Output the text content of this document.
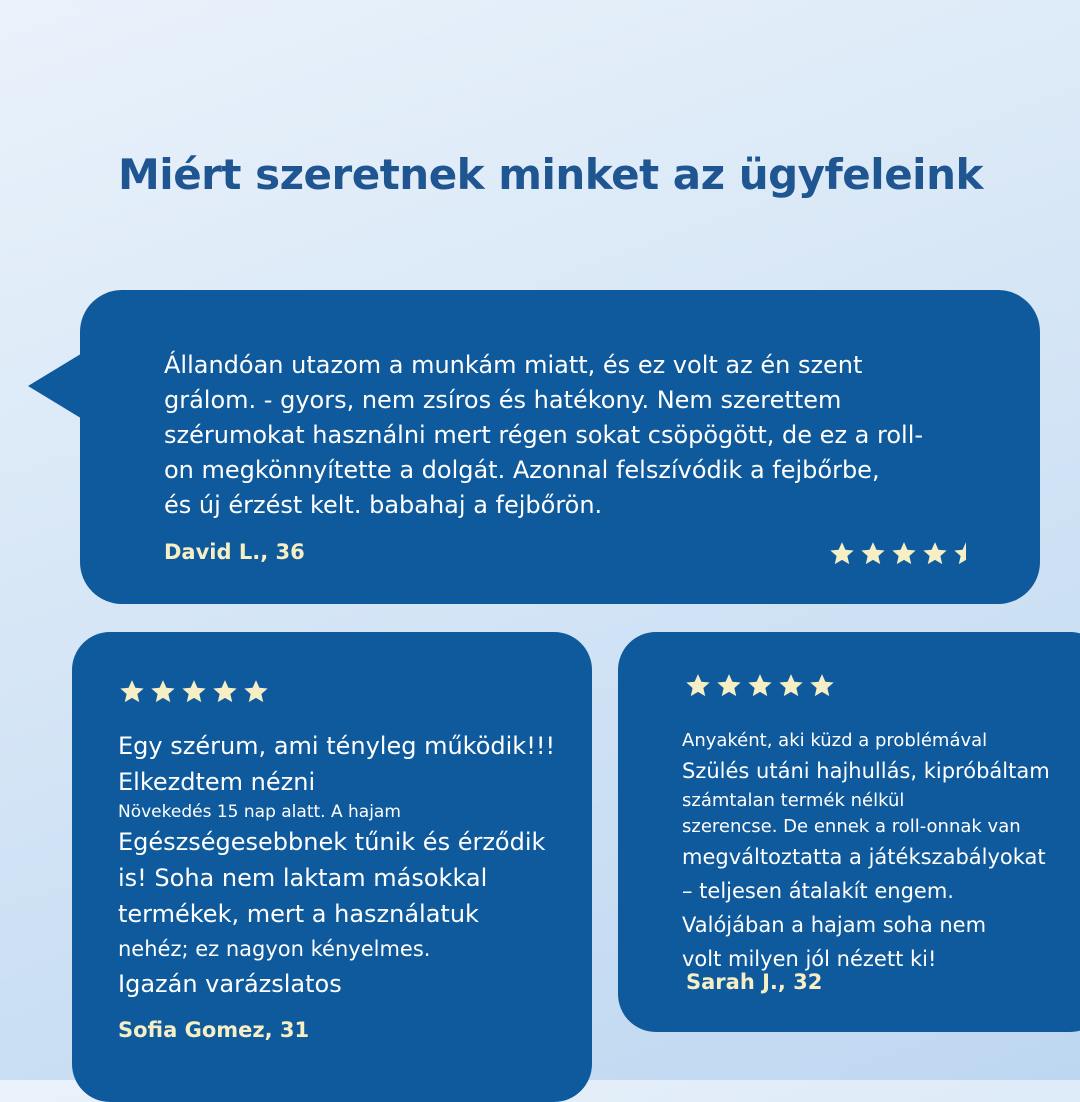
Miért szeretnek minket az ügyfeleink
Állandóan utazom a munkám miatt, és ez volt az én szent
grálom. - gyors, nem zsíros és hatékony. Nem szerettem
szérumokat használni mert régen sokat csöpögött, de ez a roll-
on megkönnyítette a dolgát. Azonnal felszívódik a fejbőrbe,
és új érzést kelt. babahaj a fejbőrön.
David L., 36
Egy szérum, ami tényleg működik!!!
Elkezdtem nézni
Növekedés 15 nap alatt. A hajam
Egészségesebbnek tűnik és érződik
is! Soha nem laktam másokkal
termékek, mert a használatuk
nehéz; ez nagyon kényelmes.
Igazán varázslatos
Sofia Gomez, 31
Anyaként, aki küzd a problémával
Szülés utáni hajhullás, kipróbáltam
számtalan termék nélkül
szerencse. De ennek a roll-onnak van
megváltoztatta a játékszabályokat
– teljesen átalakít engem.
Valójában a hajam soha nem
volt milyen jól nézett ki!
Sarah J., 32
